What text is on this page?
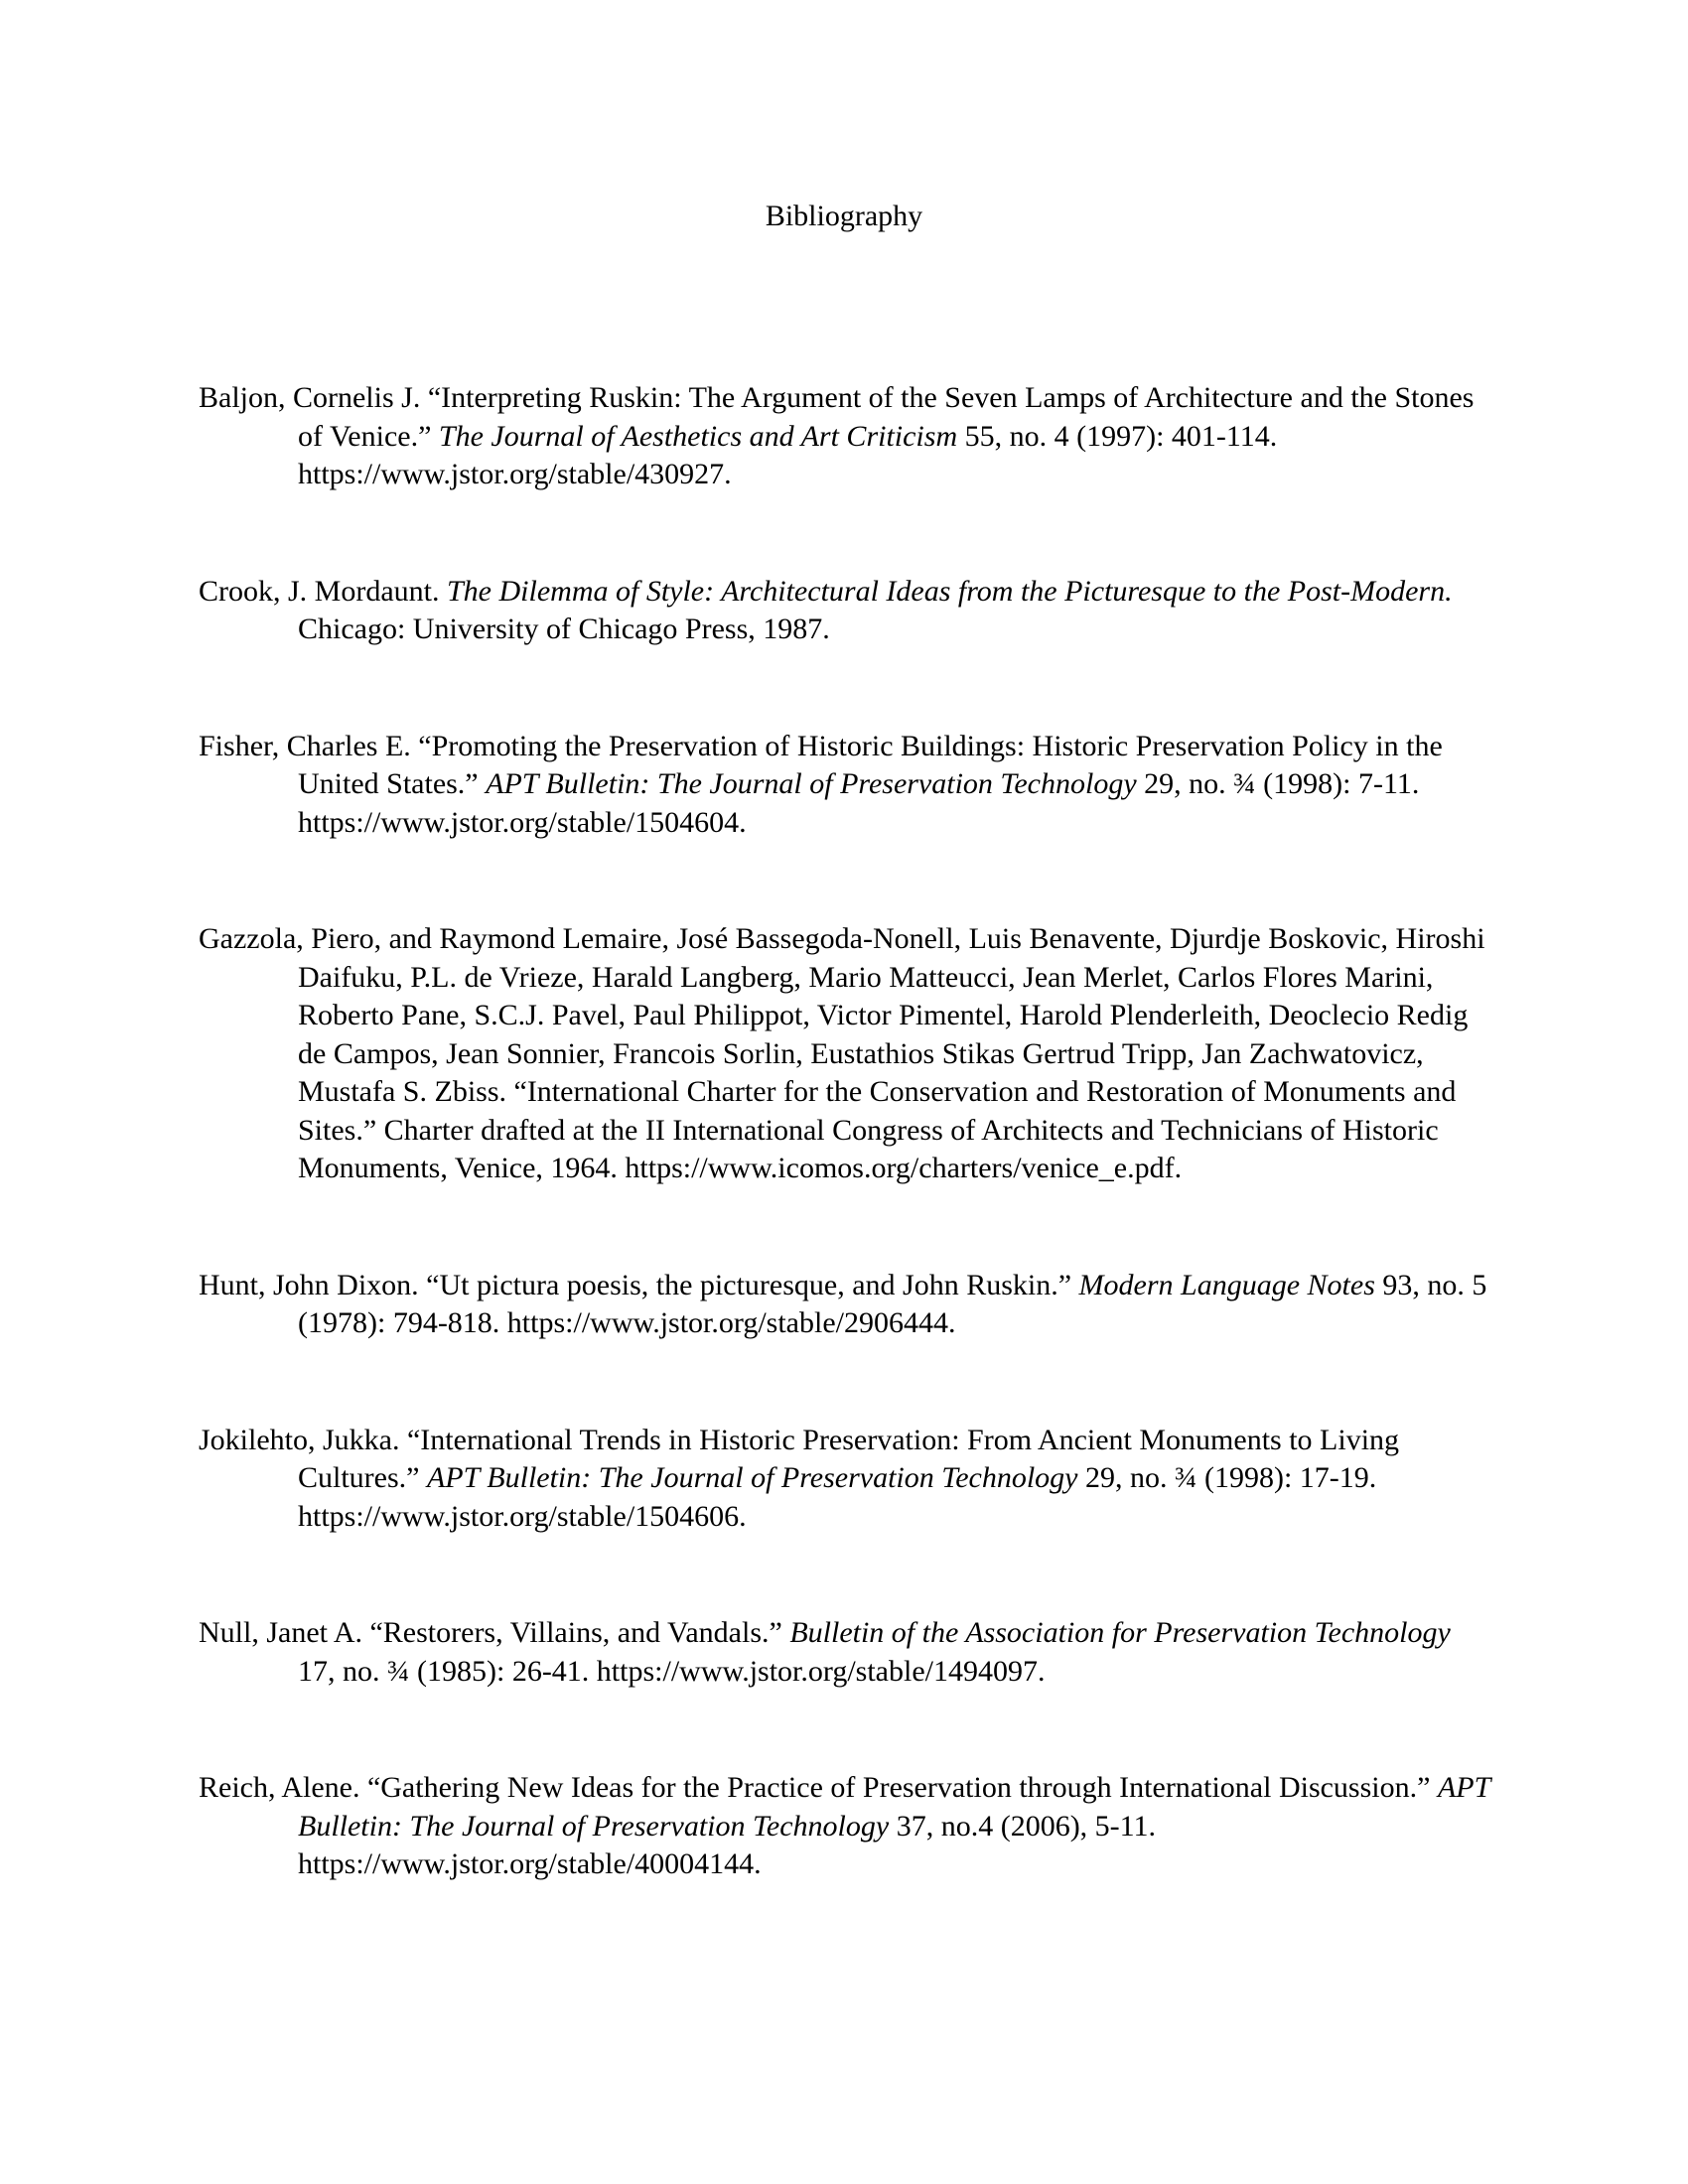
Bibliography

Baljon, Cornelis J. “Interpreting Ruskin: The Argument of the Seven Lamps of Architecture and the Stones of Venice.” The Journal of Aesthetics and Art Criticism 55, no. 4 (1997): 401-114. https://www.jstor.org/stable/430927.

Crook, J. Mordaunt. The Dilemma of Style: Architectural Ideas from the Picturesque to the Post-Modern. Chicago: University of Chicago Press, 1987.

Fisher, Charles E. “Promoting the Preservation of Historic Buildings: Historic Preservation Policy in the United States.” APT Bulletin: The Journal of Preservation Technology 29, no. ¾ (1998): 7-11. https://www.jstor.org/stable/1504604.

Gazzola, Piero, and Raymond Lemaire, José Bassegoda-Nonell, Luis Benavente, Djurdje Boskovic, Hiroshi Daifuku, P.L. de Vrieze, Harald Langberg, Mario Matteucci, Jean Merlet, Carlos Flores Marini, Roberto Pane, S.C.J. Pavel, Paul Philippot, Victor Pimentel, Harold Plenderleith, Deoclecio Redig de Campos, Jean Sonnier, Francois Sorlin, Eustathios Stikas Gertrud Tripp, Jan Zachwatovicz, Mustafa S. Zbiss. “International Charter for the Conservation and Restoration of Monuments and Sites.” Charter drafted at the II International Congress of Architects and Technicians of Historic Monuments, Venice, 1964. https://www.icomos.org/charters/venice_e.pdf.

Hunt, John Dixon. “Ut pictura poesis, the picturesque, and John Ruskin.” Modern Language Notes 93, no. 5 (1978): 794-818. https://www.jstor.org/stable/2906444.

Jokilehto, Jukka. “International Trends in Historic Preservation: From Ancient Monuments to Living Cultures.” APT Bulletin: The Journal of Preservation Technology 29, no. ¾ (1998): 17-19. https://www.jstor.org/stable/1504606.

Null, Janet A. “Restorers, Villains, and Vandals.” Bulletin of the Association for Preservation Technology 17, no. ¾ (1985): 26-41. https://www.jstor.org/stable/1494097.

Reich, Alene. “Gathering New Ideas for the Practice of Preservation through International Discussion.” APT Bulletin: The Journal of Preservation Technology 37, no.4 (2006), 5-11. https://www.jstor.org/stable/40004144.
